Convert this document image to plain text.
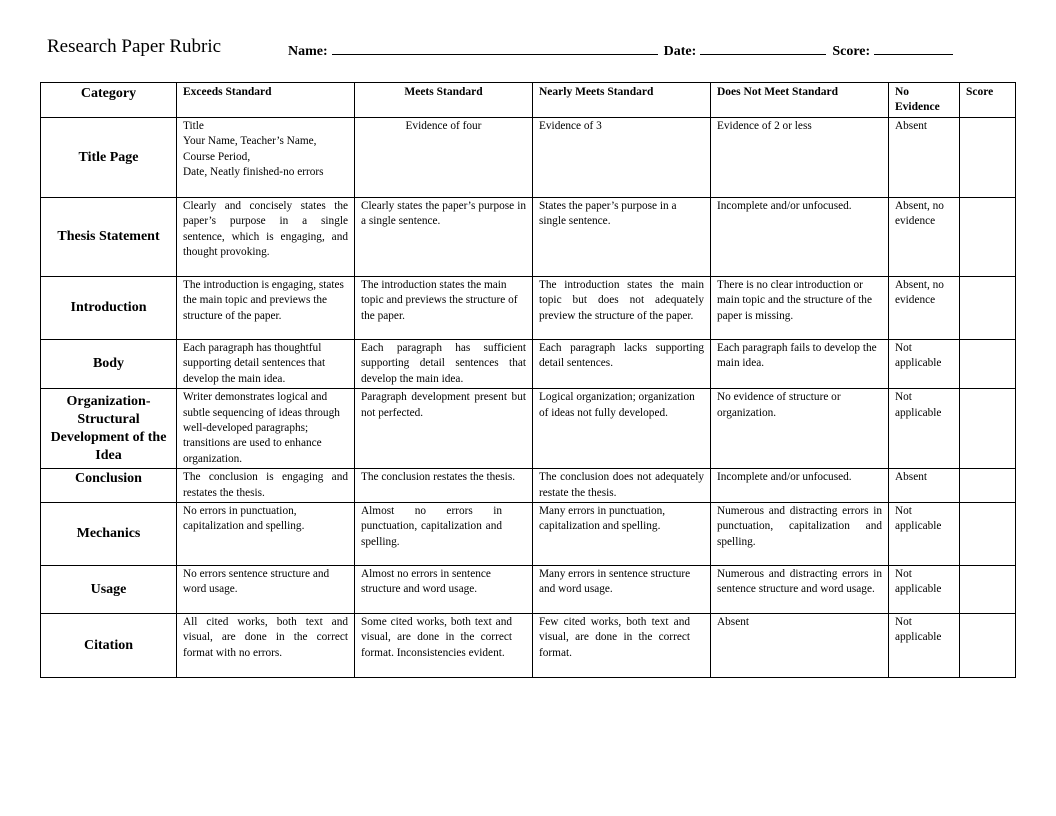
Research Paper Rubric	Name:	Date:	Score:
Category	Exceeds Standard	Meets Standard	Nearly Meets Standard	Does Not Meet Standard	No Evidence	Score
Title Page	Title
Your Name, Teacher’s Name,
Course Period,
Date, Neatly finished-no errors	Evidence of four	Evidence of 3	Evidence of 2 or less	Absent	
Thesis Statement	Clearly and concisely states the paper’s purpose in a single sentence, which is engaging, and thought provoking.	Clearly states the paper’s purpose in a single sentence.	States the paper’s purpose in a single sentence.	Incomplete and/or unfocused.	Absent, no evidence	
Introduction	The introduction is engaging, states the main topic and previews the structure of the paper.	The introduction states the main topic and previews the structure of the paper.	The introduction states the main topic but does not adequately preview the structure of the paper.	There is no clear introduction or main topic and the structure of the paper is missing.	Absent, no evidence	
Body	Each paragraph has thoughtful supporting detail sentences that develop the main idea.	Each paragraph has sufficient supporting detail sentences that develop the main idea.	Each paragraph lacks supporting detail sentences.	Each paragraph fails to develop the main idea.	Not applicable	
Organization-Structural Development of the Idea	Writer demonstrates logical and subtle sequencing of ideas through well-developed paragraphs; transitions are used to enhance organization.	Paragraph development present but not perfected.	Logical organization; organization of ideas not fully developed.	No evidence of structure or organization.	Not applicable	
Conclusion	The conclusion is engaging and restates the thesis.	The conclusion restates the thesis.	The conclusion does not adequately restate the thesis.	Incomplete and/or unfocused.	Absent	
Mechanics	No errors in punctuation, capitalization and spelling.	Almost no errors in punctuation, capitalization and spelling.	Many errors in punctuation, capitalization and spelling.	Numerous and distracting errors in punctuation, capitalization and spelling.	Not applicable	
Usage	No errors sentence structure and word usage.	Almost no errors in sentence structure and word usage.	Many errors in sentence structure and word usage.	Numerous and distracting errors in sentence structure and word usage.	Not applicable	
Citation	All cited works, both text and visual, are done in the correct format with no errors.	Some cited works, both text and visual, are done in the correct format. Inconsistencies evident.	Few cited works, both text and visual, are done in the correct format.	Absent	Not applicable	
